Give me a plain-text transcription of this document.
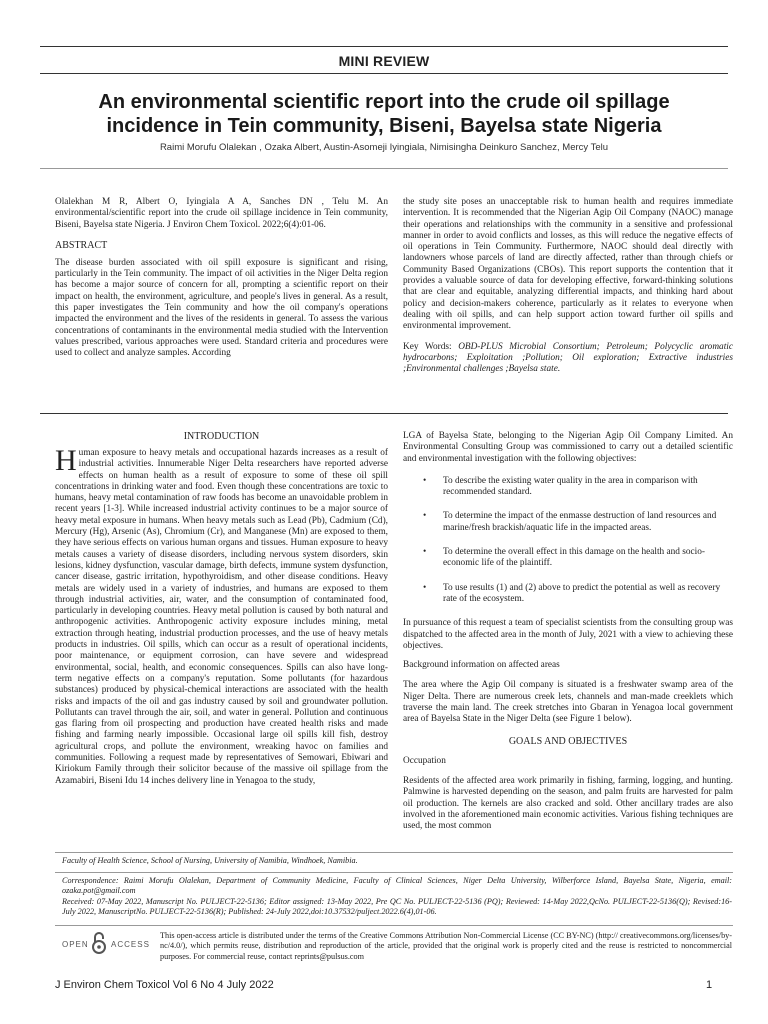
MINI REVIEW
An environmental scientific report into the crude oil spillage
incidence in Tein community, Biseni, Bayelsa state Nigeria
Raimi Morufu Olalekan , Ozaka Albert, Austin-Asomeji Iyingiala, Nimisingha Deinkuro Sanchez, Mercy Telu

Olalekhan M R, Albert O, Iyingiala A A, Sanches DN , Telu M. An environmental/scientific report into the crude oil spillage incidence in Tein community, Biseni, Bayelsa state Nigeria. J Environ Chem Toxicol. 2022;6(4):01-06.

ABSTRACT

The disease burden associated with oil spill exposure is significant and rising, particularly in the Tein community. The impact of oil activities in the Niger Delta region has become a major source of concern for all, prompting a scientific report on their impact on health, the environment, agriculture, and people's lives in general. As a result, this paper investigates the Tein community and how the oil company's operations impacted the environment and the lives of the residents in general. To assess the various concentrations of contaminants in the environmental media studied with the Intervention values prescribed, various approaches were used. Standard criteria and procedures were used to collect and analyze samples. According

the study site poses an unacceptable risk to human health and requires immediate intervention. It is recommended that the Nigerian Agip Oil Company (NAOC) manage their operations and relationships with the community in a sensitive and professional manner in order to avoid conflicts and losses, as this will reduce the negative effects of oil operations in Tein Community. Furthermore, NAOC should deal directly with landowners whose parcels of land are directly affected, rather than through chiefs or Community Based Organizations (CBOs). This report supports the contention that it provides a valuable source of data for developing effective, forward-thinking solutions that are clear and equitable, analyzing differential impacts, and thinking hard about policy and decision-makers coherence, particularly as it relates to everyone when dealing with oil spills, and can help support action toward further oil spills and environmental improvement.

Key Words: OBD-PLUS Microbial Consortium; Petroleum; Polycyclic aromatic hydrocarbons; Exploitation ;Pollution; Oil exploration; Extractive industries ;Environmental challenges ;Bayelsa state.

INTRODUCTION

Human exposure to heavy metals and occupational hazards increases as a result of industrial activities. Innumerable Niger Delta researchers have reported adverse effects on human health as a result of exposure to some of these oil spill concentrations in drinking water and food. Even though these concentrations are toxic to humans, heavy metal contamination of raw foods has become an unavoidable problem in recent years [1-3]. While increased industrial activity continues to be a major source of heavy metal exposure in humans. When heavy metals such as Lead (Pb), Cadmium (Cd), Mercury (Hg), Arsenic (As), Chromium (Cr), and Manganese (Mn) are exposed to them, they have serious effects on various human organs and tissues. Human exposure to heavy metals causes a variety of disease disorders, including nervous system disorders, skin lesions, kidney dysfunction, vascular damage, birth defects, immune system dysfunction, cancer disease, gastric irritation, hypothyroidism, and other disease conditions. Heavy metals are widely used in a variety of industries, and humans are exposed to them through industrial activities, air, water, and the consumption of contaminated food, particularly in developing countries. Heavy metal pollution is caused by both natural and anthropogenic activities. Anthropogenic activity exposure includes mining, metal extraction through heating, industrial production processes, and the use of heavy metals products in industries. Oil spills, which can occur as a result of operational incidents, poor maintenance, or equipment corrosion, can have severe and widespread environmental, social, health, and economic consequences. Spills can also have long-term negative effects on a company's reputation. Some pollutants (for hazardous substances) produced by physical-chemical interactions are associated with the health risks and impacts of the oil and gas industry caused by soil and groundwater pollution. Pollutants can travel through the air, soil, and water in general. Pollution and continuous gas flaring from oil prospecting and production have created health risks and made fishing and farming nearly impossible. Occasional large oil spills kill fish, destroy agricultural crops, and pollute the environment, wreaking havoc on families and communities. Following a request made by representatives of Semowari, Ebiwari and Kiriokum Family through their solicitor because of the massive oil spillage from the Azamabiri, Biseni Idu 14 inches delivery line in Yenagoa to the study,

LGA of Bayelsa State, belonging to the Nigerian Agip Oil Company Limited. An Environmental Consulting Group was commissioned to carry out a detailed scientific and environmental investigation with the following objectives:

• To describe the existing water quality in the area in comparison with recommended standard.
• To determine the impact of the enmasse destruction of land resources and marine/fresh brackish/aquatic life in the impacted areas.
• To determine the overall effect in this damage on the health and socio-economic life of the plaintiff.
• To use results (1) and (2) above to predict the potential as well as recovery rate of the ecosystem.

In pursuance of this request a team of specialist scientists from the consulting group was dispatched to the affected area in the month of July, 2021 with a view to achieving these objectives.

Background information on affected areas

The area where the Agip Oil company is situated is a freshwater swamp area of the Niger Delta. There are numerous creek lets, channels and man-made creeklets which traverse the main land. The creek stretches into Gbaran in Yenagoa local government area of Bayelsa State in the Niger Delta (see Figure 1 below).

GOALS AND OBJECTIVES

Occupation

Residents of the affected area work primarily in fishing, farming, logging, and hunting. Palmwine is harvested depending on the season, and palm fruits are harvested for palm oil production. The kernels are also cracked and sold. Other ancillary trades are also involved in the aforementioned main economic activities. Various fishing techniques are used, the most common

Faculty of Health Science, School of Nursing, University of Namibia, Windhoek, Namibia.

Correspondence: Raimi Morufu Olalekan, Department of Community Medicine, Faculty of Clinical Sciences, Niger Delta University, Wilberforce Island, Bayelsa State, Nigeria, email: ozaka.pot@gmail.com

Received: 07-May 2022, Manuscript No. PULJECT-22-5136; Editor assigned: 13-May 2022, Pre QC No. PULJECT-22-5136 (PQ); Reviewed: 14-May 2022,QcNo. PULJECT-22-5136(Q); Revised:16-July 2022, ManuscriptNo. PULJECT-22-5136(R); Published: 24-July 2022,doi:10.37532/pulject.2022.6(4),01-06.

OPEN	ACCESS

This open-access article is distributed under the terms of the Creative Commons Attribution Non-Commercial License (CC BY-NC) (http:// creativecommons.org/licenses/by-nc/4.0/), which permits reuse, distribution and reproduction of the article, provided that the original work is properly cited and the reuse is restricted to noncommercial purposes. For commercial reuse, contact reprints@pulsus.com

J Environ Chem Toxicol Vol 6 No 4 July 2022	1
